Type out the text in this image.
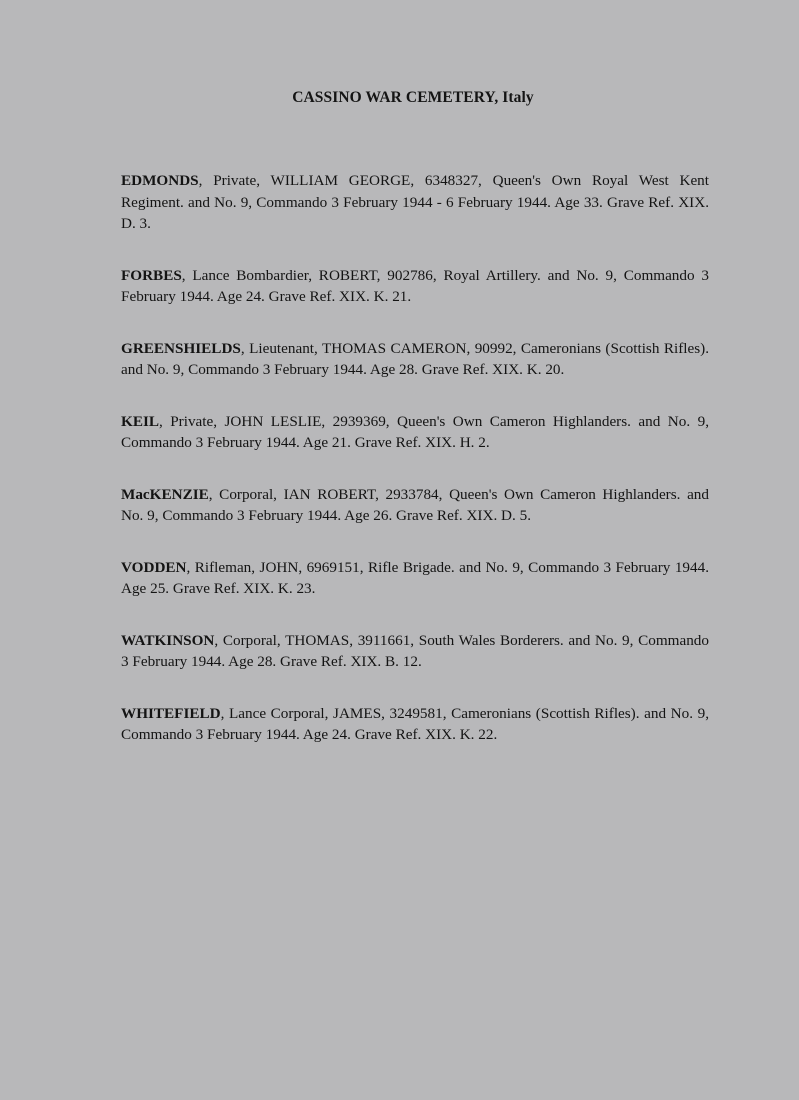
CASSINO WAR CEMETERY, Italy

EDMONDS, Private, WILLIAM GEORGE, 6348327, Queen's Own Royal West Kent Regiment. and No. 9, Commando 3 February 1944 - 6 February 1944. Age 33. Grave Ref. XIX. D. 3.

FORBES, Lance Bombardier, ROBERT, 902786, Royal Artillery. and No. 9, Commando 3 February 1944. Age 24. Grave Ref. XIX. K. 21.

GREENSHIELDS, Lieutenant, THOMAS CAMERON, 90992, Cameronians (Scottish Rifles). and No. 9, Commando 3 February 1944. Age 28. Grave Ref. XIX. K. 20.

KEIL, Private, JOHN LESLIE, 2939369, Queen's Own Cameron Highlanders. and No. 9, Commando 3 February 1944. Age 21. Grave Ref. XIX. H. 2.

MacKENZIE, Corporal, IAN ROBERT, 2933784, Queen's Own Cameron Highlanders. and No. 9, Commando 3 February 1944. Age 26. Grave Ref. XIX. D. 5.

VODDEN, Rifleman, JOHN, 6969151, Rifle Brigade. and No. 9, Commando 3 February 1944. Age 25. Grave Ref. XIX. K. 23.

WATKINSON, Corporal, THOMAS, 3911661, South Wales Borderers. and No. 9, Commando 3 February 1944. Age 28. Grave Ref. XIX. B. 12.

WHITEFIELD, Lance Corporal, JAMES, 3249581, Cameronians (Scottish Rifles). and No. 9, Commando 3 February 1944. Age 24. Grave Ref. XIX. K. 22.
